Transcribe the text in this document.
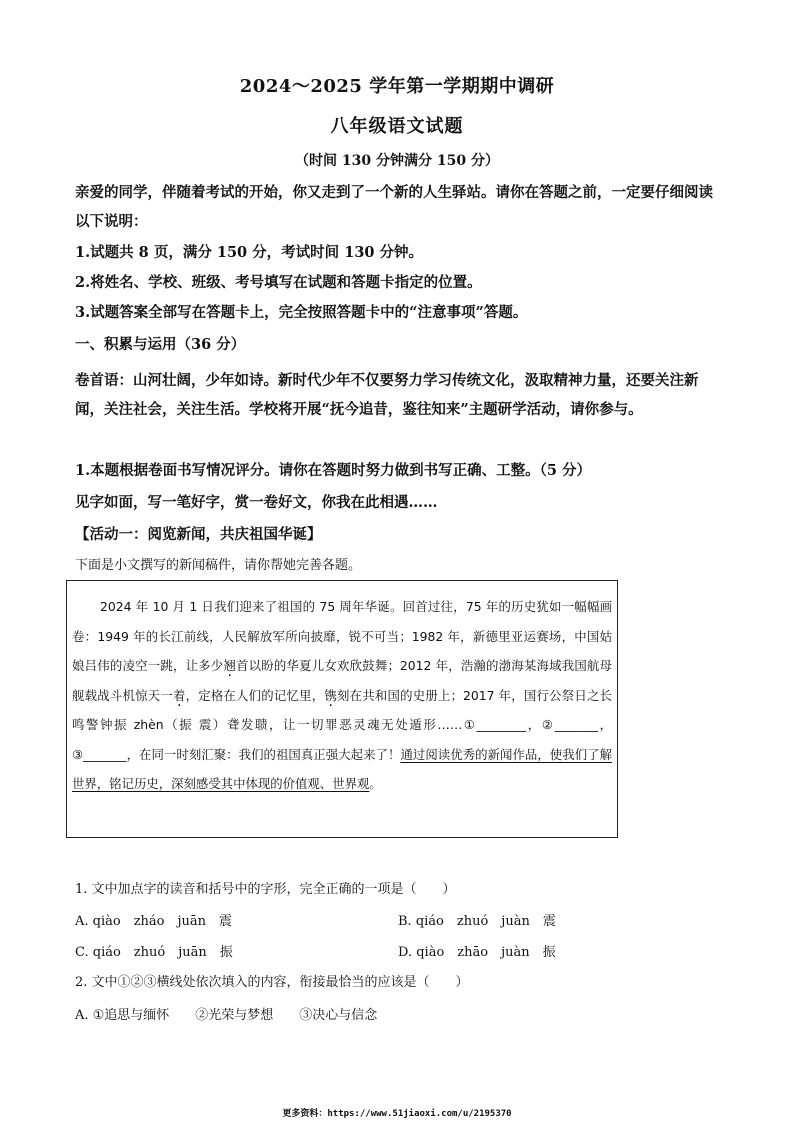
2024～2025 学年第一学期期中调研
八年级语文试题
（时间 130 分钟满分 150 分）

亲爱的同学，伴随着考试的开始，你又走到了一个新的人生驿站。请你在答题之前，一定要仔细阅读以下说明：

1.试题共 8 页，满分 150 分，考试时间 130 分钟。

2.将姓名、学校、班级、考号填写在试题和答题卡指定的位置。

3.试题答案全部写在答题卡上，完全按照答题卡中的“注意事项”答题。

一、积累与运用（36 分）

卷首语：山河壮阔，少年如诗。新时代少年不仅要努力学习传统文化，汲取精神力量，还要关注新闻，关注社会，关注生活。学校将开展“抚今追昔，鉴往知来”主题研学活动，请你参与。

1.本题根据卷面书写情况评分。请你在答题时努力做到书写正确、工整。（5 分）

见字如面，写一笔好字，赏一卷好文，你我在此相遇……

【活动一：阅览新闻，共庆祖国华诞】

下面是小文撰写的新闻稿件，请你帮她完善各题。

2024 年 10 月 1 日我们迎来了祖国的 75 周年华诞。回首过往，75 年的历史犹如一幅幅画卷：1949 年的长江前线，人民解放军所向披靡，锐不可当；1982 年，新德里亚运赛场，中国姑娘吕伟的凌空一跳，让多少翘首以盼的华夏儿女欢欣鼓舞；2012 年，浩瀚的渤海某海域我国航母舰载战斗机惊天一着，定格在人们的记忆里，镌刻在共和国的史册上；2017 年，国行公祭日之长鸣警钟振 zhèn（振 震）聋发聩，让一切罪恶灵魂无处遁形……①________，②_______，③_______，在同一时刻汇聚：我们的祖国真正强大起来了！通过阅读优秀的新闻作品，使我们了解世界，铭记历史，深刻感受其中体现的价值观、世界观。

1. 文中加点字的读音和括号中的字形，完全正确的一项是（　　）

A. qiào　zháo　juān　震	B. qiáo　zhuó　juàn　震
C. qiáo　zhuó　juān　振	D. qiào　zhāo　juàn　振

2. 文中①②③横线处依次填入的内容，衔接最恰当的应该是（　　）

A. ①追思与缅怀　　②光荣与梦想　　③决心与信念
更多资料：https://www.51jiaoxi.com/u/2195370
